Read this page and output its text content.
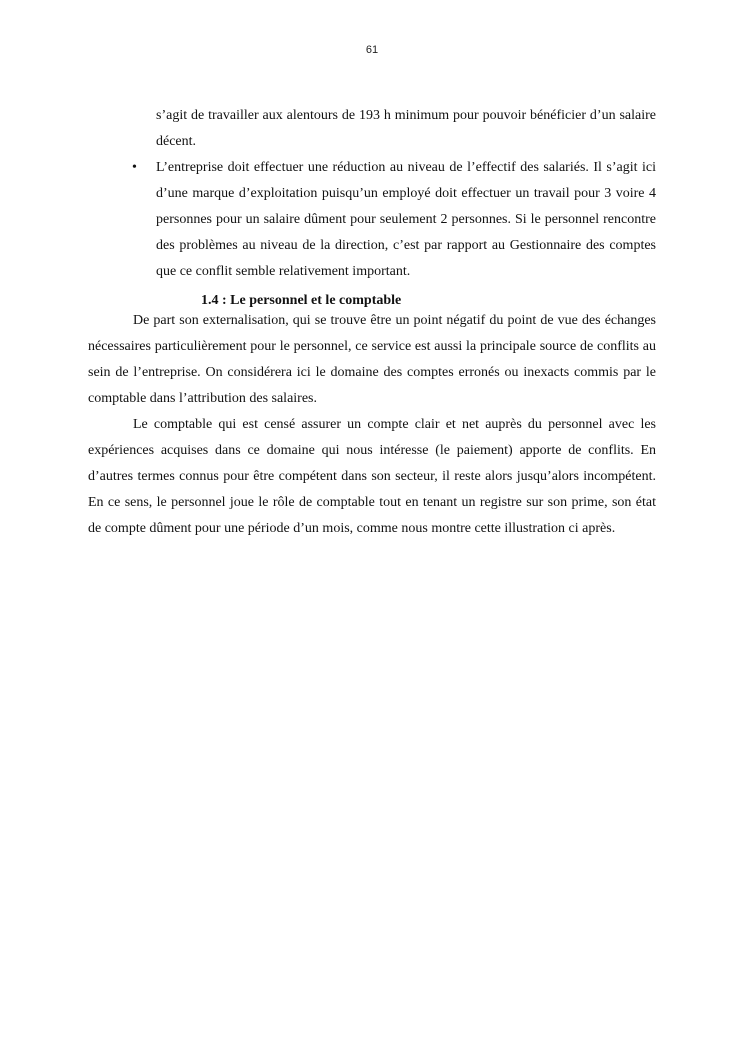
61

s’agit de travailler aux alentours de 193 h minimum pour pouvoir bénéficier d’un salaire décent.

• L’entreprise doit effectuer une réduction au niveau de l’effectif des salariés. Il s’agit ici d’une marque d’exploitation puisqu’un employé doit effectuer un travail pour 3 voire 4 personnes pour un salaire dûment pour seulement 2 personnes. Si le personnel rencontre des problèmes au niveau de la direction, c’est par rapport au Gestionnaire des comptes que ce conflit semble relativement important.
1.4 : Le personnel et le comptable

De part son externalisation, qui se trouve être un point négatif du point de vue des échanges nécessaires particulièrement pour le personnel, ce service est aussi la principale source de conflits au sein de l’entreprise. On considérera ici le domaine des comptes erronés ou inexacts commis par le comptable dans l’attribution des salaires.

Le comptable qui est censé assurer un compte clair et net auprès du personnel avec les expériences acquises dans ce domaine qui nous intéresse (le paiement) apporte de conflits. En d’autres termes connus pour être compétent dans son secteur, il reste alors jusqu’alors incompétent. En ce sens, le personnel joue le rôle de comptable tout en tenant un registre sur son prime, son état de compte dûment pour une période d’un mois, comme nous montre cette illustration ci après.
